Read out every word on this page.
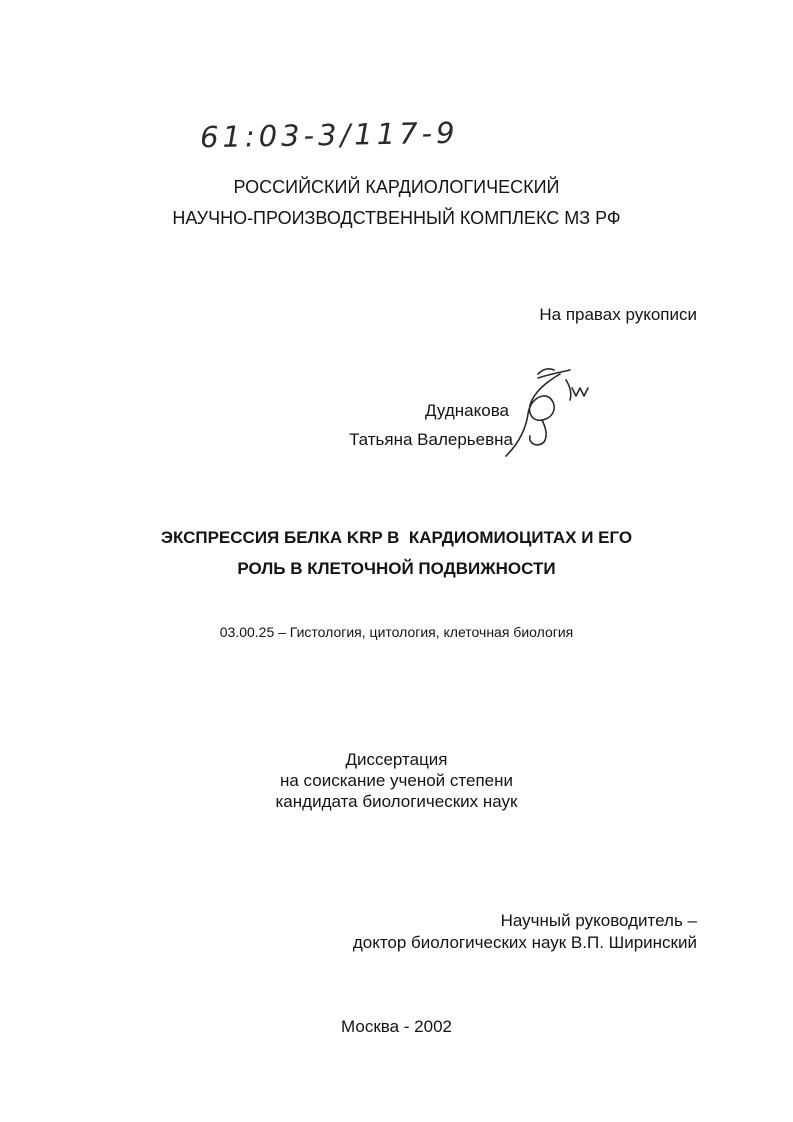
61:03-3/117-9
РОССИЙСКИЙ КАРДИОЛОГИЧЕСКИЙ
НАУЧНО-ПРОИЗВОДСТВЕННЫЙ КОМПЛЕКС МЗ РФ
На правах рукописи
Дуднакова
Татьяна Валерьевна
ЭКСПРЕССИЯ БЕЛКА KRP В  КАРДИОМИОЦИТАХ И ЕГО
РОЛЬ В КЛЕТОЧНОЙ ПОДВИЖНОСТИ
03.00.25 – Гистология, цитология, клеточная биология
Диссертация
на соискание ученой степени
кандидата биологических наук
Научный руководитель –
доктор биологических наук В.П. Ширинский
Москва - 2002
